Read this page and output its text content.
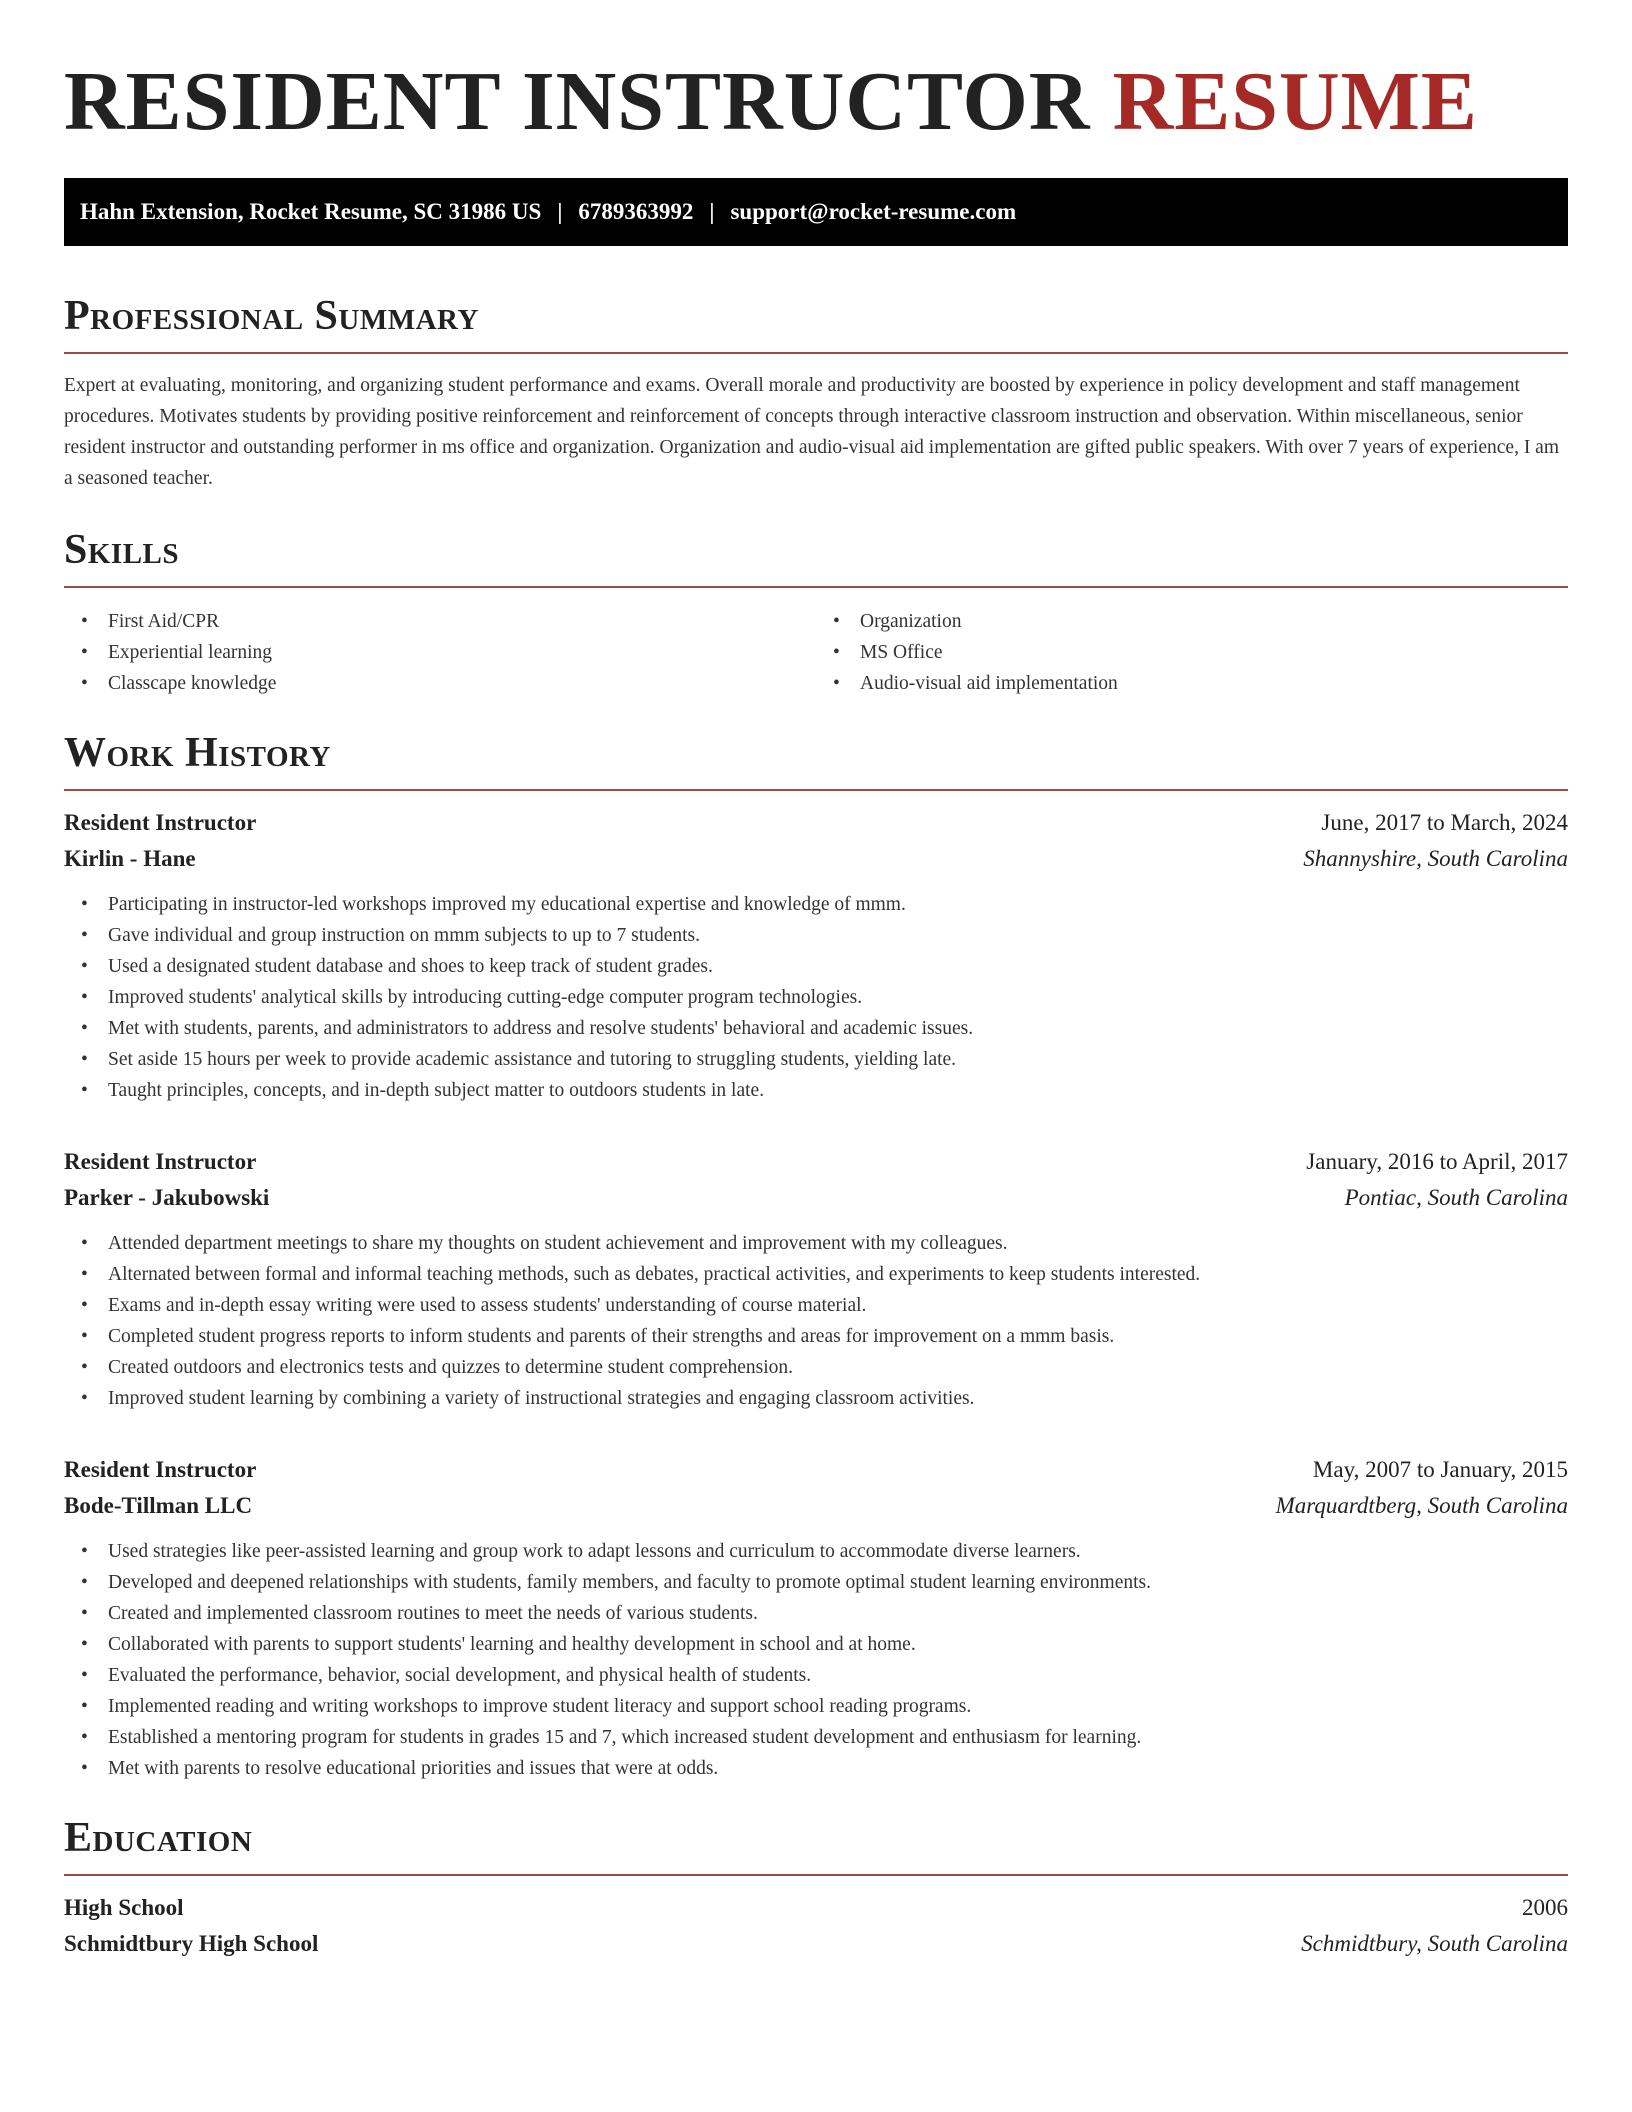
RESIDENT INSTRUCTOR RESUME
Hahn Extension, Rocket Resume, SC 31986 US | 6789363992 | support@rocket-resume.com
Professional Summary

Expert at evaluating, monitoring, and organizing student performance and exams. Overall morale and productivity are boosted by experience in policy development and staff management procedures. Motivates students by providing positive reinforcement and reinforcement of concepts through interactive classroom instruction and observation. Within miscellaneous, senior resident instructor and outstanding performer in ms office and organization. Organization and audio-visual aid implementation are gifted public speakers. With over 7 years of experience, I am a seasoned teacher.

Skills
• First Aid/CPR
• Experiential learning
• Classcape knowledge
• Organization
• MS Office
• Audio-visual aid implementation
Work History
Resident Instructor	June, 2017 to March, 2024
Kirlin - Hane	Shannyshire, South Carolina
• Participating in instructor-led workshops improved my educational expertise and knowledge of mmm.
• Gave individual and group instruction on mmm subjects to up to 7 students.
• Used a designated student database and shoes to keep track of student grades.
• Improved students' analytical skills by introducing cutting-edge computer program technologies.
• Met with students, parents, and administrators to address and resolve students' behavioral and academic issues.
• Set aside 15 hours per week to provide academic assistance and tutoring to struggling students, yielding late.
• Taught principles, concepts, and in-depth subject matter to outdoors students in late.
Resident Instructor	January, 2016 to April, 2017
Parker - Jakubowski	Pontiac, South Carolina
• Attended department meetings to share my thoughts on student achievement and improvement with my colleagues.
• Alternated between formal and informal teaching methods, such as debates, practical activities, and experiments to keep students interested.
• Exams and in-depth essay writing were used to assess students' understanding of course material.
• Completed student progress reports to inform students and parents of their strengths and areas for improvement on a mmm basis.
• Created outdoors and electronics tests and quizzes to determine student comprehension.
• Improved student learning by combining a variety of instructional strategies and engaging classroom activities.
Resident Instructor	May, 2007 to January, 2015
Bode-Tillman LLC	Marquardtberg, South Carolina
• Used strategies like peer-assisted learning and group work to adapt lessons and curriculum to accommodate diverse learners.
• Developed and deepened relationships with students, family members, and faculty to promote optimal student learning environments.
• Created and implemented classroom routines to meet the needs of various students.
• Collaborated with parents to support students' learning and healthy development in school and at home.
• Evaluated the performance, behavior, social development, and physical health of students.
• Implemented reading and writing workshops to improve student literacy and support school reading programs.
• Established a mentoring program for students in grades 15 and 7, which increased student development and enthusiasm for learning.
• Met with parents to resolve educational priorities and issues that were at odds.
Education
High School	2006
Schmidtbury High School	Schmidtbury, South Carolina
